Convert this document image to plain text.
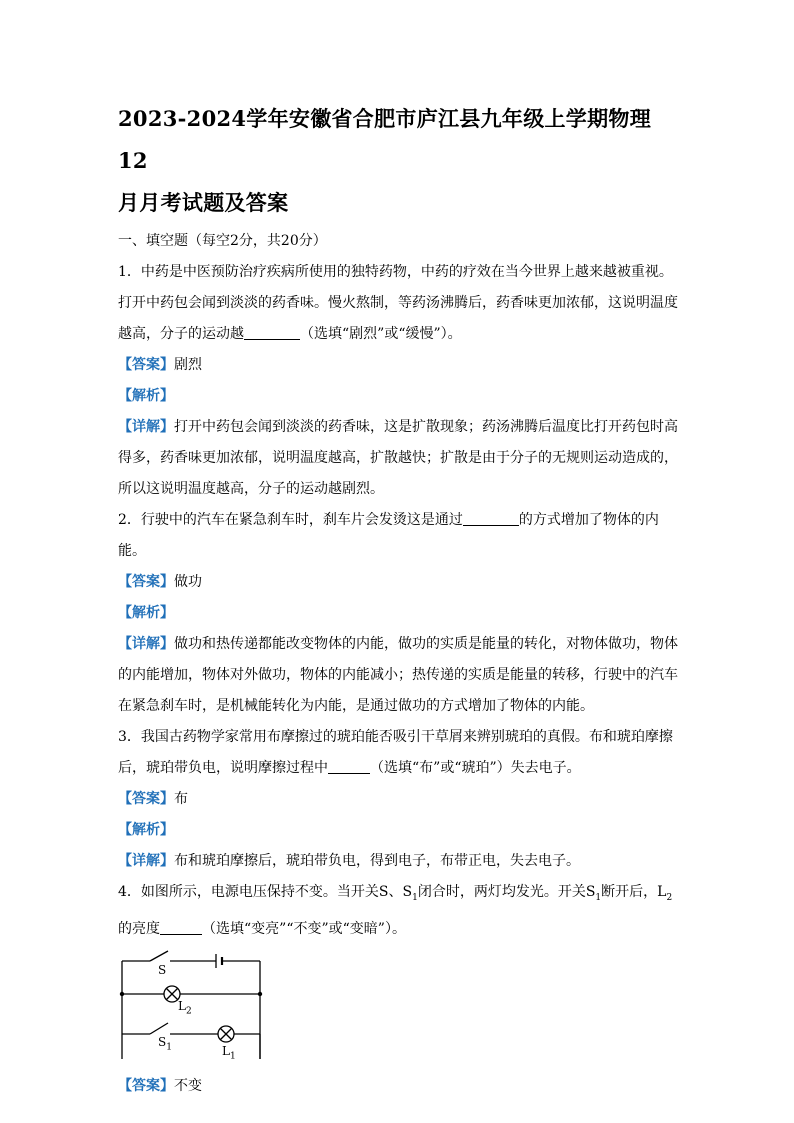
2023-2024学年安徽省合肥市庐江县九年级上学期物理12

月月考试题及答案

一、填空题（每空2分，共20分）

1．中药是中医预防治疗疾病所使用的独特药物，中药的疗效在当今世界上越来越被重视。

打开中药包会闻到淡淡的药香味。慢火熬制，等药汤沸腾后，药香味更加浓郁，这说明温度

越高，分子的运动越	（选填“剧烈”或“缓慢”）。

【答案】剧烈

【解析】

【详解】打开中药包会闻到淡淡的药香味，这是扩散现象；药汤沸腾后温度比打开药包时高

得多，药香味更加浓郁，说明温度越高，扩散越快；扩散是由于分子的无规则运动造成的，

所以这说明温度越高，分子的运动越剧烈。

2．行驶中的汽车在紧急刹车时，刹车片会发烫这是通过	的方式增加了物体的内能。

【答案】做功

【解析】

【详解】做功和热传递都能改变物体的内能，做功的实质是能量的转化，对物体做功，物体

的内能增加，物体对外做功，物体的内能减小；热传递的实质是能量的转移，行驶中的汽车

在紧急刹车时，是机械能转化为内能，是通过做功的方式增加了物体的内能。

3．我国古药物学家常用布摩擦过的琥珀能否吸引干草屑来辨别琥珀的真假。布和琥珀摩擦

后，琥珀带负电，说明摩擦过程中	（选填“布”或“琥珀”）失去电子。

【答案】布

【解析】

【详解】布和琥珀摩擦后，琥珀带负电，得到电子，布带正电，失去电子。

4．如图所示，电源电压保持不变。当开关S、$S_1$闭合时，两灯均发光。开关$S_1$断开后，$L_2$

的亮度	（选填“变亮”“不变”或“变暗”）。

S
$L_2$
$S_1$	$L_1$

【答案】不变
